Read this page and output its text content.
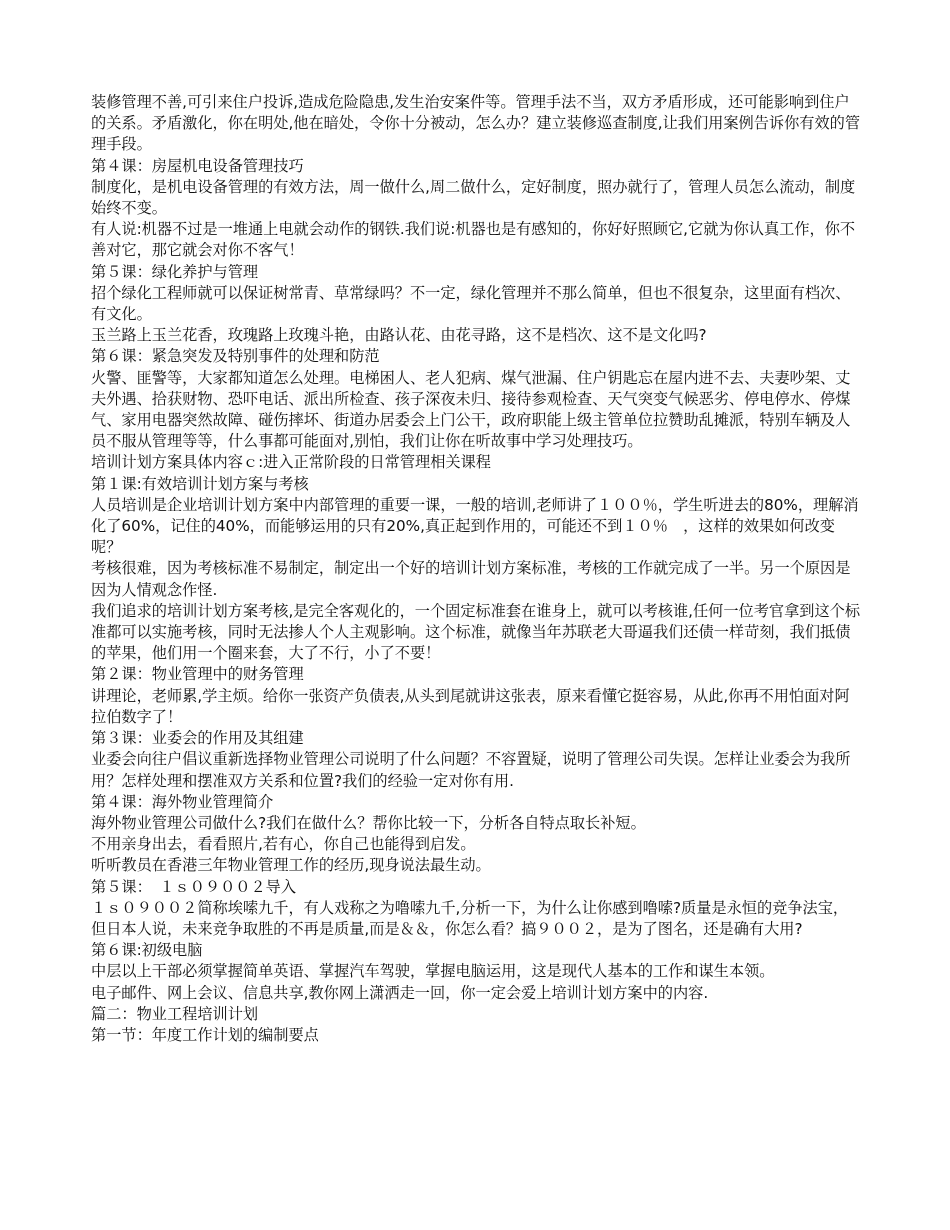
装修管理不善,可引来住户投诉,造成危险隐患,发生治安案件等。管理手法不当，双方矛盾形成，还可能影响到住户的关系。矛盾激化，你在明处,他在暗处，令你十分被动，怎么办？建立装修巡查制度,让我们用案例告诉你有效的管理手段。

第４课：房屋机电设备管理技巧

制度化，是机电设备管理的有效方法，周一做什么,周二做什么，定好制度，照办就行了，管理人员怎么流动，制度始终不变。

有人说:机器不过是一堆通上电就会动作的钢铁.我们说:机器也是有感知的，你好好照顾它,它就为你认真工作，你不善对它，那它就会对你不客气！

第５课：绿化养护与管理

招个绿化工程师就可以保证树常青、草常绿吗？不一定，绿化管理并不那么简单，但也不很复杂，这里面有档次、有文化。

玉兰路上玉兰花香，玫瑰路上玫瑰斗艳，由路认花、由花寻路，这不是档次、这不是文化吗?

第６课：紧急突发及特别事件的处理和防范

火警、匪警等，大家都知道怎么处理。电梯困人、老人犯病、煤气泄漏、住户钥匙忘在屋内进不去、夫妻吵架、丈夫外遇、拾获财物、恐吓电话、派出所检查、孩子深夜未归、接待参观检查、天气突变气候恶劣、停电停水、停煤气、家用电器突然故障、碰伤摔坏、街道办居委会上门公干，政府职能上级主管单位拉赞助乱摊派，特别车辆及人员不服从管理等等，什么事都可能面对,别怕，我们让你在听故事中学习处理技巧。

培训计划方案具体内容ｃ:进入正常阶段的日常管理相关课程

第１课:有效培训计划方案与考核

人员培训是企业培训计划方案中内部管理的重要一课，一般的培训,老师讲了１００％，学生听进去的80%，理解消化了60%，记住的40%，而能够运用的只有20%,真正起到作用的，可能还不到１０％　，这样的效果如何改变呢？

考核很难，因为考核标准不易制定，制定出一个好的培训计划方案标准，考核的工作就完成了一半。另一个原因是因为人情观念作怪.

我们追求的培训计划方案考核,是完全客观化的，一个固定标准套在谁身上，就可以考核谁,任何一位考官拿到这个标准都可以实施考核，同时无法掺人个人主观影响。这个标准，就像当年苏联老大哥逼我们还债一样苛刻，我们抵债的苹果，他们用一个圈来套，大了不行，小了不要！

第２课：物业管理中的财务管理

讲理论，老师累,学主烦。给你一张资产负债表,从头到尾就讲这张表，原来看懂它挺容易，从此,你再不用怕面对阿拉伯数字了！

第３课：业委会的作用及其组建

业委会向往户倡议重新选择物业管理公司说明了什么问题？不容置疑，说明了管理公司失误。怎样让业委会为我所用？怎样处理和摆准双方关系和位置?我们的经验一定对你有用.

第４课：海外物业管理简介

海外物业管理公司做什么?我们在做什么？帮你比较一下，分析各自特点取长补短。

不用亲身出去，看看照片,若有心，你自己也能得到启发。

听听教员在香港三年物业管理工作的经历,现身说法最生动。

第５课：　１ｓ０９００２导入

１ｓ０９００２简称埃嗦九千，有人戏称之为噜嗦九千,分析一下，为什么让你感到噜嗦?质量是永恒的竞争法宝，但日本人说，未来竞争取胜的不再是质量,而是＆＆，你怎么看？搞９００２，是为了图名，还是确有大用?

第６课:初级电脑

中层以上干部必须掌握简单英语、掌握汽车驾驶，掌握电脑运用，这是现代人基本的工作和谋生本领。

电子邮件、网上会议、信息共享,教你网上潇洒走一回，你一定会爱上培训计划方案中的内容.

篇二：物业工程培训计划

第一节：年度工作计划的编制要点
